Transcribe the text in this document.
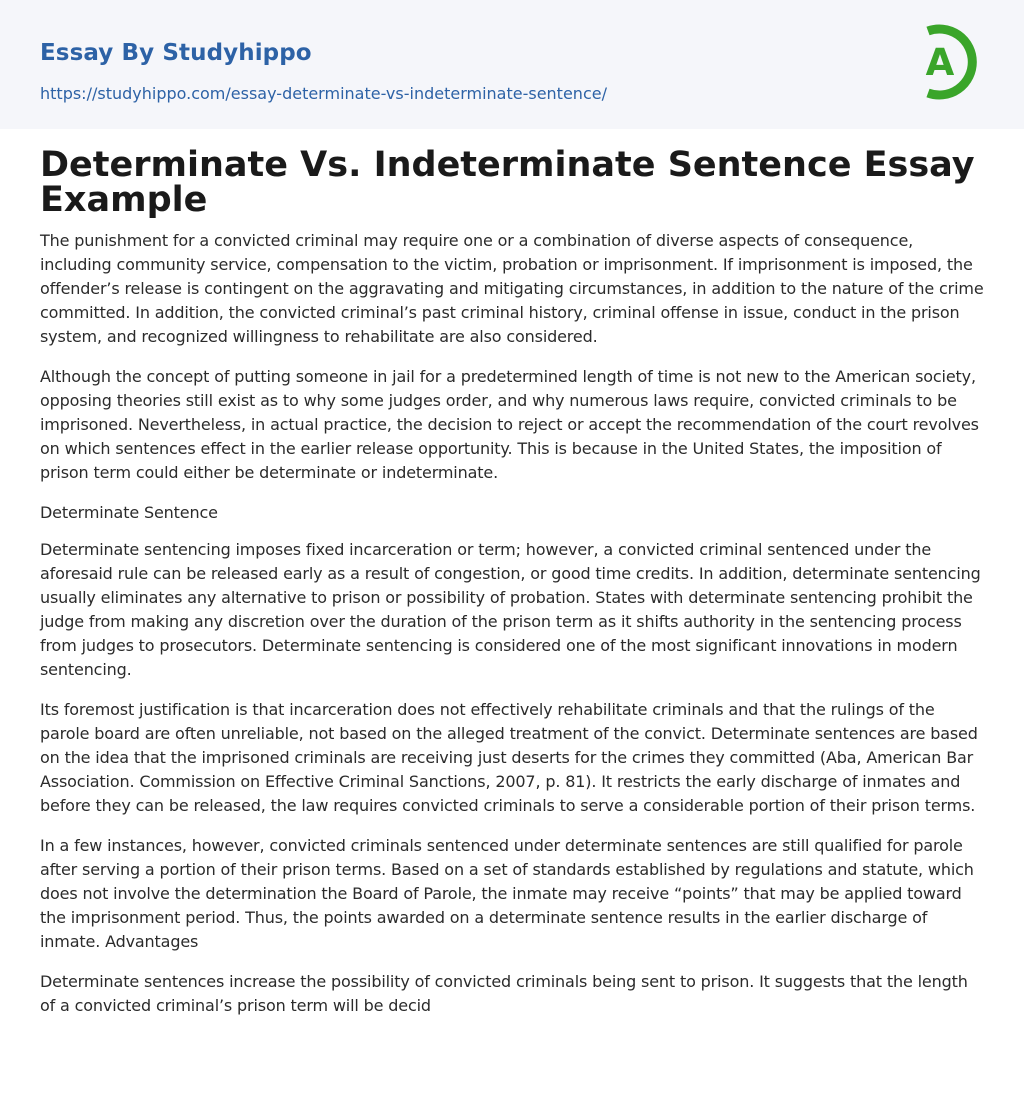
Essay By Studyhippo
https://studyhippo.com/essay-determinate-vs-indeterminate-sentence/
A
Determinate Vs. Indeterminate Sentence Essay Example

The punishment for a convicted criminal may require one or a combination of diverse aspects of consequence, including community service, compensation to the victim, probation or imprisonment. If imprisonment is imposed, the offender’s release is contingent on the aggravating and mitigating circumstances, in addition to the nature of the crime committed. In addition, the convicted criminal’s past criminal history, criminal offense in issue, conduct in the prison system, and recognized willingness to rehabilitate are also considered.

Although the concept of putting someone in jail for a predetermined length of time is not new to the American society, opposing theories still exist as to why some judges order, and why numerous laws require, convicted criminals to be imprisoned. Nevertheless, in actual practice, the decision to reject or accept the recommendation of the court revolves on which sentences effect in the earlier release opportunity. This is because in the United States, the imposition of prison term could either be determinate or indeterminate.

Determinate Sentence

Determinate sentencing imposes fixed incarceration or term; however, a convicted criminal sentenced under the aforesaid rule can be released early as a result of congestion, or good time credits. In addition, determinate sentencing usually eliminates any alternative to prison or possibility of probation. States with determinate sentencing prohibit the judge from making any discretion over the duration of the prison term as it shifts authority in the sentencing process from judges to prosecutors. Determinate sentencing is considered one of the most significant innovations in modern sentencing.

Its foremost justification is that incarceration does not effectively rehabilitate criminals and that the rulings of the parole board are often unreliable, not based on the alleged treatment of the convict. Determinate sentences are based on the idea that the imprisoned criminals are receiving just deserts for the crimes they committed (Aba, American Bar Association. Commission on Effective Criminal Sanctions, 2007, p. 81). It restricts the early discharge of inmates and before they can be released, the law requires convicted criminals to serve a considerable portion of their prison terms.

In a few instances, however, convicted criminals sentenced under determinate sentences are still qualified for parole after serving a portion of their prison terms. Based on a set of standards established by regulations and statute, which does not involve the determination the Board of Parole, the inmate may receive “points” that may be applied toward the imprisonment period. Thus, the points awarded on a determinate sentence results in the earlier discharge of inmate. Advantages

Determinate sentences increase the possibility of convicted criminals being sent to prison. It suggests that the length of a convicted criminal’s prison term will be decid
